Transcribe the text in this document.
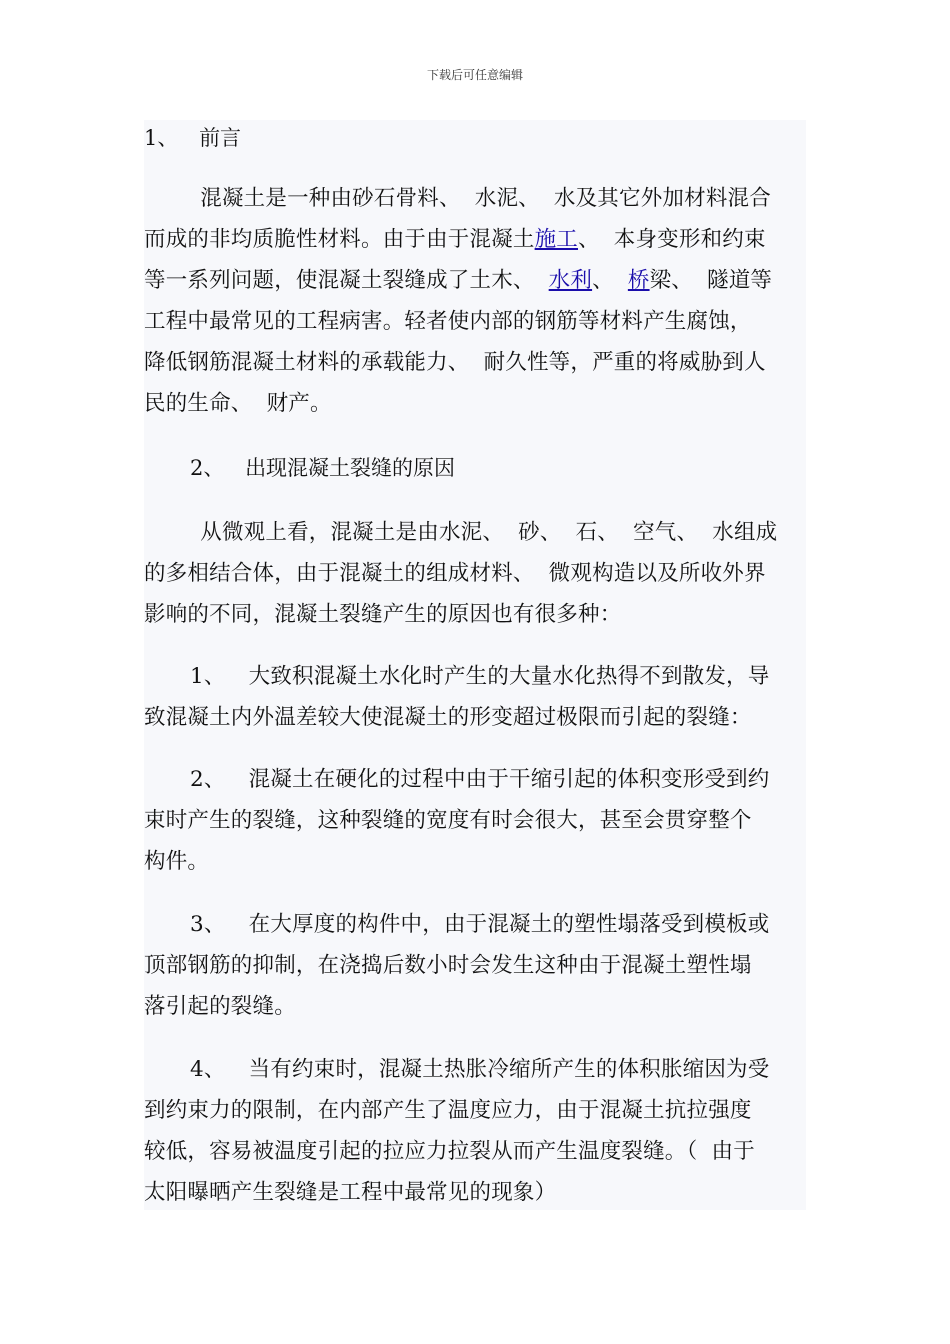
下载后可任意编辑
1、 前言
混凝土是一种由砂石骨料、  水泥、  水及其它外加材料混合
而成的非均质脆性材料。由于由于混凝土施工、  本身变形和约束
等一系列问题，使混凝土裂缝成了土木、  水利、  桥梁、  隧道等
工程中最常见的工程病害。轻者使内部的钢筋等材料产生腐蚀，
降低钢筋混凝土材料的承载能力、  耐久性等，严重的将威胁到人
民的生命、  财产。
2、 出现混凝土裂缝的原因
从微观上看，混凝土是由水泥、  砂、  石、  空气、  水组成
的多相结合体，由于混凝土的组成材料、  微观构造以及所收外界
影响的不同，混凝土裂缝产生的原因也有很多种：
1、 大致积混凝土水化时产生的大量水化热得不到散发，导
致混凝土内外温差较大使混凝土的形变超过极限而引起的裂缝：
2、 混凝土在硬化的过程中由于干缩引起的体积变形受到约
束时产生的裂缝，这种裂缝的宽度有时会很大，甚至会贯穿整个
构件。
3、 在大厚度的构件中，由于混凝土的塑性塌落受到模板或
顶部钢筋的抑制，在浇捣后数小时会发生这种由于混凝土塑性塌
落引起的裂缝。
4、 当有约束时，混凝土热胀冷缩所产生的体积胀缩因为受
到约束力的限制，在内部产生了温度应力，由于混凝土抗拉强度
较低，容易被温度引起的拉应力拉裂从而产生温度裂缝。（  由于
太阳曝晒产生裂缝是工程中最常见的现象）
